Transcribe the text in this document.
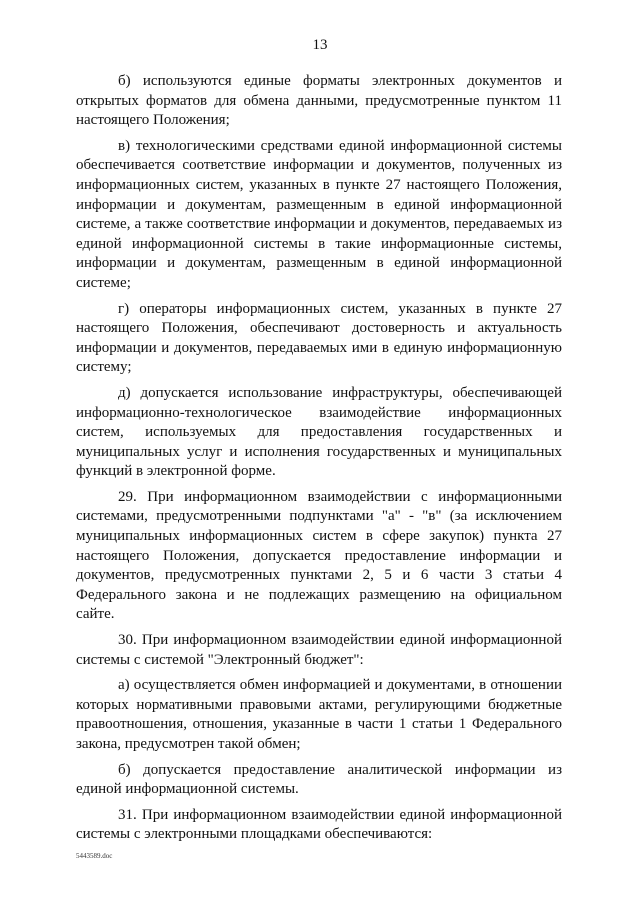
13

б) используются единые форматы электронных документов и открытых форматов для обмена данными, предусмотренные пунктом 11 настоящего Положения;

в) технологическими средствами единой информационной системы обеспечивается соответствие информации и документов, полученных из информационных систем, указанных в пункте 27 настоящего Положения, информации и документам, размещенным в единой информационной системе, а также соответствие информации и документов, передаваемых из единой информационной системы в такие информационные системы, информации и документам, размещенным в единой информационной системе;

г) операторы информационных систем, указанных в пункте 27 настоящего Положения, обеспечивают достоверность и актуальность информации и документов, передаваемых ими в единую информационную систему;

д) допускается использование инфраструктуры, обеспечивающей информационно-технологическое взаимодействие информационных систем, используемых для предоставления государственных и муниципальных услуг и исполнения государственных и муниципальных функций в электронной форме.

29. При информационном взаимодействии с информационными системами, предусмотренными подпунктами "а" - "в" (за исключением муниципальных информационных систем в сфере закупок) пункта 27 настоящего Положения, допускается предоставление информации и документов, предусмотренных пунктами 2, 5 и 6 части 3 статьи 4 Федерального закона и не подлежащих размещению на официальном сайте.

30. При информационном взаимодействии единой информационной системы с системой "Электронный бюджет":

а) осуществляется обмен информацией и документами, в отношении которых нормативными правовыми актами, регулирующими бюджетные правоотношения, отношения, указанные в части 1 статьи 1 Федерального закона, предусмотрен такой обмен;

б) допускается предоставление аналитической информации из единой информационной системы.

31. При информационном взаимодействии единой информационной системы с электронными площадками обеспечиваются:

5443589.doc
